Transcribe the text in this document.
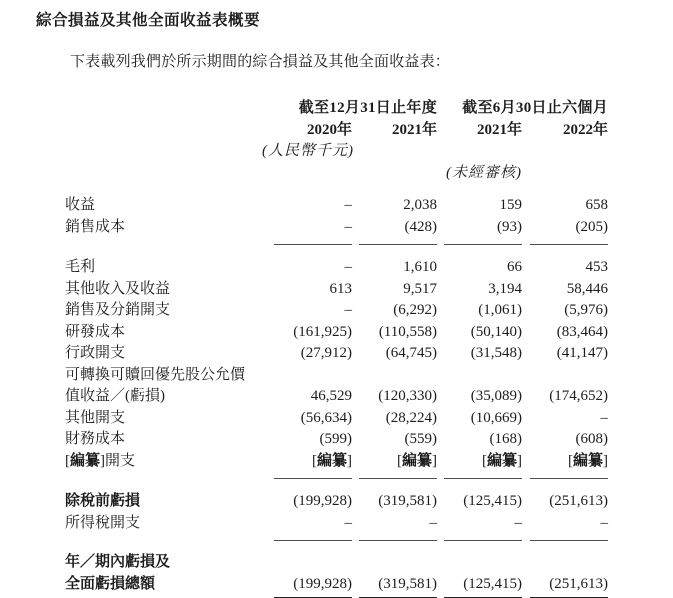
綜合損益及其他全面收益表概要
下表載列我們於所示期間的綜合損益及其他全面收益表：
	截至12月31日止年度		截至6月30日止六個月	
	2020年	2021年	2021年	2022年
	(人民幣千元)			
	(未經審核)			

收益	–	2,038	159	658
銷售成本	–	(428)	(93)	(205)

毛利	–	1,610	66	453
其他收入及收益	613	9,517	3,194	58,446
銷售及分銷開支	–	(6,292)	(1,061)	(5,976)
研發成本	(161,925)	(110,558)	(50,140)	(83,464)
行政開支	(27,912)	(64,745)	(31,548)	(41,147)
可轉換可贖回優先股公允價				
值收益／(虧損)	46,529	(120,330)	(35,089)	(174,652)
其他開支	(56,634)	(28,224)	(10,669)	–
財務成本	(599)	(559)	(168)	(608)
[編纂]開支	[編纂]	[編纂]	[編纂]	[編纂]

除稅前虧損	(199,928)	(319,581)	(125,415)	(251,613)
所得稅開支	–	–	–	–

年／期內虧損及				
全面虧損總額	(199,928)	(319,581)	(125,415)	(251,613)
